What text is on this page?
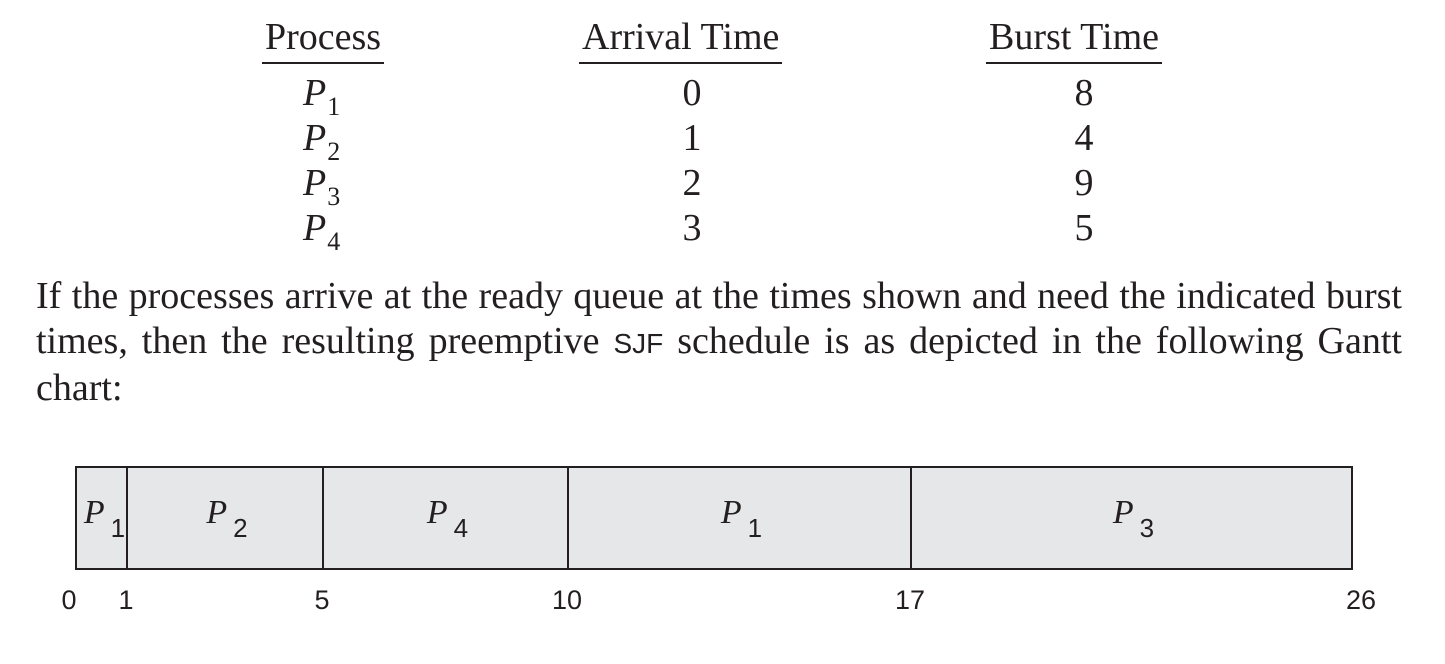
Process	Arrival Time	Burst Time
$P_1$	0	8
$P_2$	1	4
$P_3$	2	9
$P_4$	3	5
If the processes arrive at the ready queue at the times shown and need the indicated burst times, then the resulting preemptive SJF schedule is as depicted in the following Gantt chart:
P 1 P 2	P 4	P 1	P 3
0 1	5	10	17	26
